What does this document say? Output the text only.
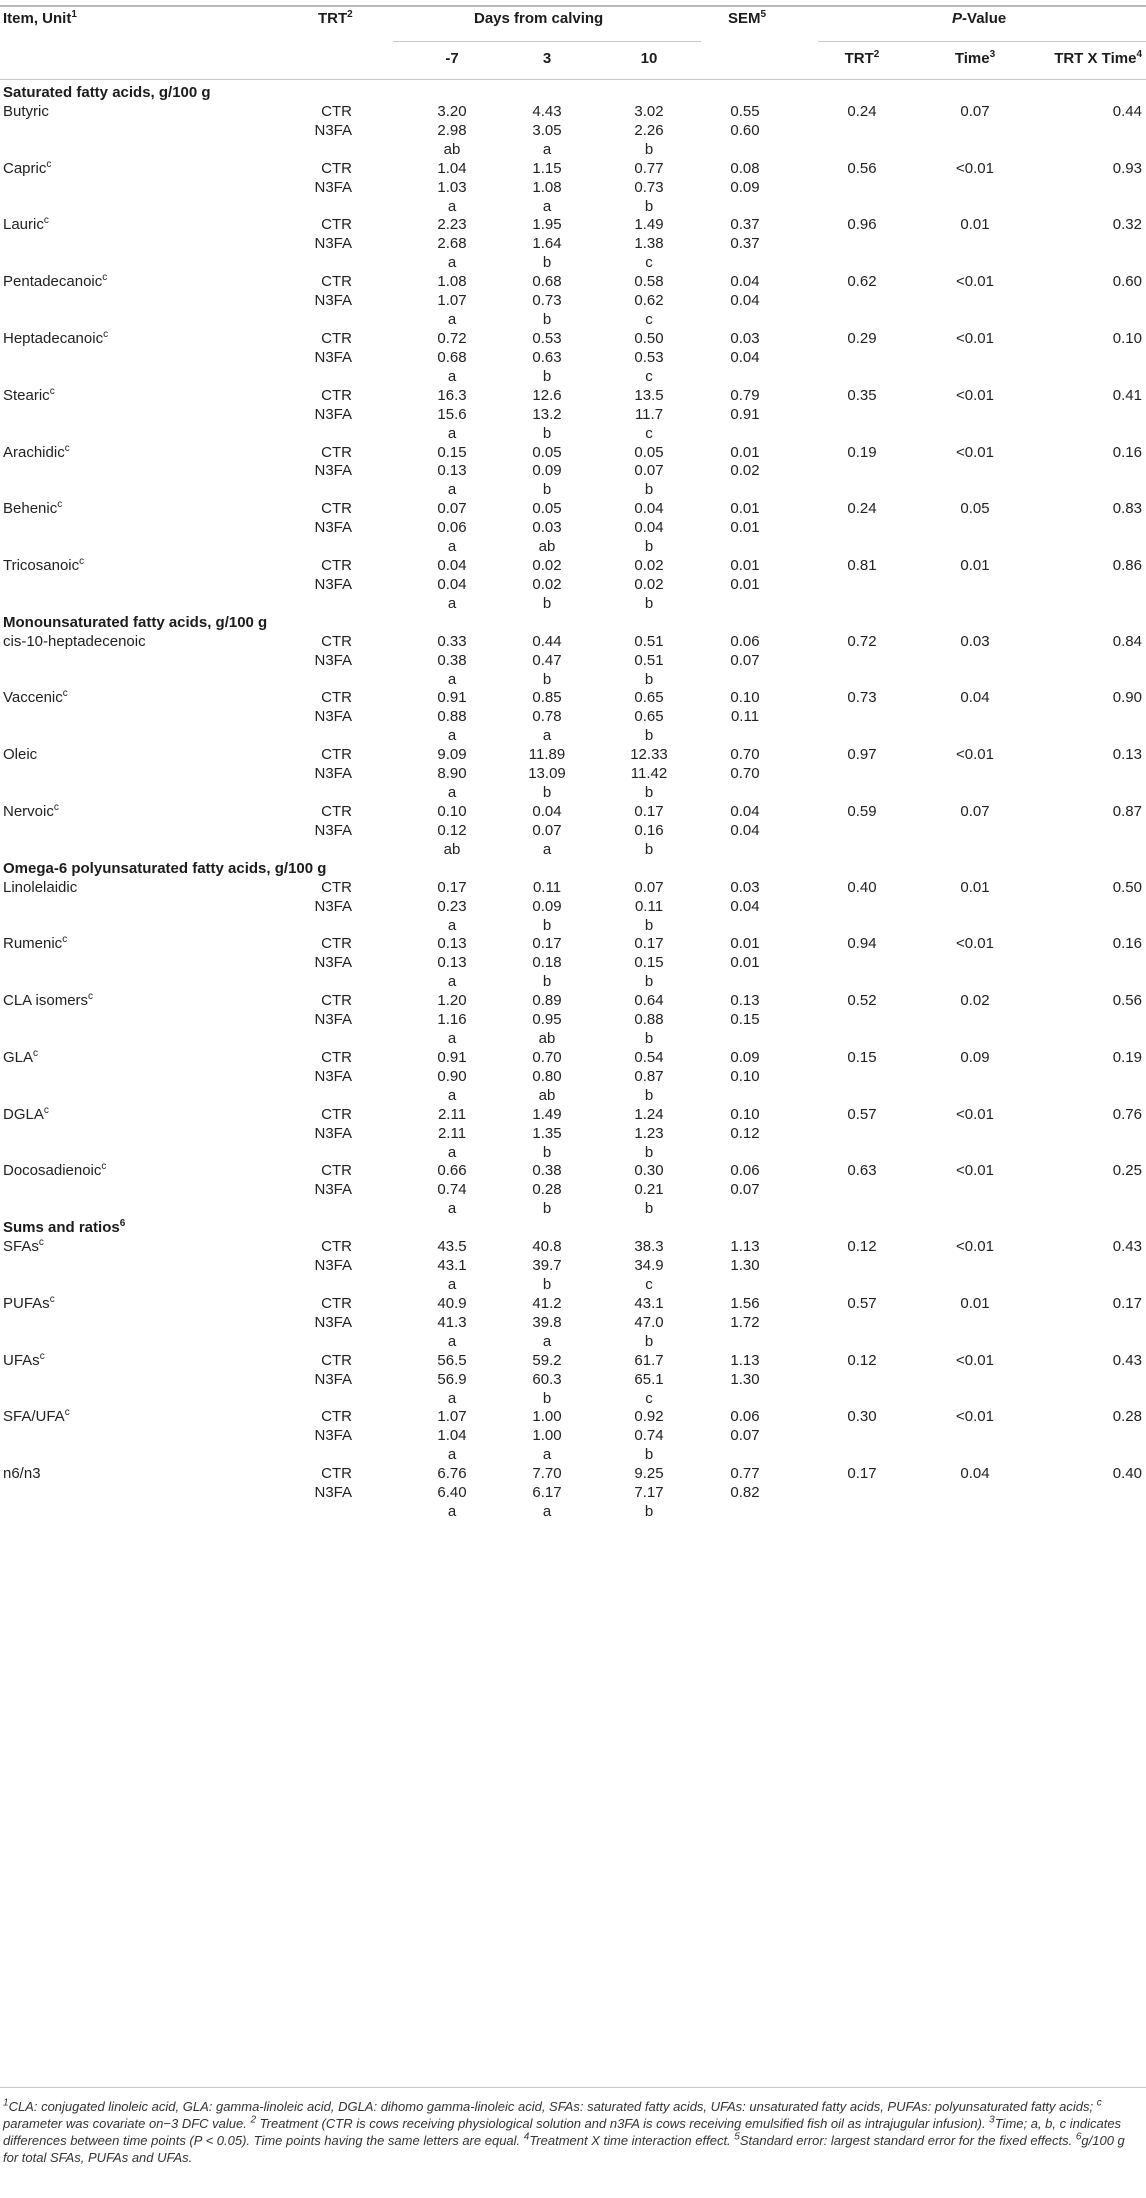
Item, Unit$^1$	TRT$^2$	Days from calving	SEM$^5$	P-Value
-7	3	10	TRT$^2$	Time$^3$	TRT X Time$^4$
Saturated fatty acids, g/100 g
Butyric	CTR	3.20	4.43	3.02	0.55	0.24	0.07	0.44
N3FA	2.98	3.05	2.26	0.60
ab	a	b
Capric$^c$	CTR	1.04	1.15	0.77	0.08	0.56	<0.01	0.93
N3FA	1.03	1.08	0.73	0.09
a	a	b
Lauric$^c$	CTR	2.23	1.95	1.49	0.37	0.96	0.01	0.32
N3FA	2.68	1.64	1.38	0.37
a	b	c
Pentadecanoic$^c$	CTR	1.08	0.68	0.58	0.04	0.62	<0.01	0.60
N3FA	1.07	0.73	0.62	0.04
a	b	c
Heptadecanoic$^c$	CTR	0.72	0.53	0.50	0.03	0.29	<0.01	0.10
N3FA	0.68	0.63	0.53	0.04
a	b	c
Stearic$^c$	CTR	16.3	12.6	13.5	0.79	0.35	<0.01	0.41
N3FA	15.6	13.2	11.7	0.91
a	b	c
Arachidic$^c$	CTR	0.15	0.05	0.05	0.01	0.19	<0.01	0.16
N3FA	0.13	0.09	0.07	0.02
a	b	b
Behenic$^c$	CTR	0.07	0.05	0.04	0.01	0.24	0.05	0.83
N3FA	0.06	0.03	0.04	0.01
a	ab	b
Tricosanoic$^c$	CTR	0.04	0.02	0.02	0.01	0.81	0.01	0.86
N3FA	0.04	0.02	0.02	0.01
a	b	b
Monounsaturated fatty acids, g/100 g
cis-10-heptadecenoic	CTR	0.33	0.44	0.51	0.06	0.72	0.03	0.84
N3FA	0.38	0.47	0.51	0.07
a	b	b
Vaccenic$^c$	CTR	0.91	0.85	0.65	0.10	0.73	0.04	0.90
N3FA	0.88	0.78	0.65	0.11
a	a	b
Oleic	CTR	9.09	11.89	12.33	0.70	0.97	<0.01	0.13
N3FA	8.90	13.09	11.42	0.70
a	b	b
Nervoic$^c$	CTR	0.10	0.04	0.17	0.04	0.59	0.07	0.87
N3FA	0.12	0.07	0.16	0.04
ab	a	b
Omega-6 polyunsaturated fatty acids, g/100 g
Linolelaidic	CTR	0.17	0.11	0.07	0.03	0.40	0.01	0.50
N3FA	0.23	0.09	0.11	0.04
a	b	b
Rumenic$^c$	CTR	0.13	0.17	0.17	0.01	0.94	<0.01	0.16
N3FA	0.13	0.18	0.15	0.01
a	b	b
CLA isomers$^c$	CTR	1.20	0.89	0.64	0.13	0.52	0.02	0.56
N3FA	1.16	0.95	0.88	0.15
a	ab	b
GLA$^c$	CTR	0.91	0.70	0.54	0.09	0.15	0.09	0.19
N3FA	0.90	0.80	0.87	0.10
a	ab	b
DGLA$^c$	CTR	2.11	1.49	1.24	0.10	0.57	<0.01	0.76
N3FA	2.11	1.35	1.23	0.12
a	b	b
Docosadienoic$^c$	CTR	0.66	0.38	0.30	0.06	0.63	<0.01	0.25
N3FA	0.74	0.28	0.21	0.07
a	b	b
Sums and ratios$^6$
SFAs$^c$	CTR	43.5	40.8	38.3	1.13	0.12	<0.01	0.43
N3FA	43.1	39.7	34.9	1.30
a	b	c
PUFAs$^c$	CTR	40.9	41.2	43.1	1.56	0.57	0.01	0.17
N3FA	41.3	39.8	47.0	1.72
a	a	b
UFAs$^c$	CTR	56.5	59.2	61.7	1.13	0.12	<0.01	0.43
N3FA	56.9	60.3	65.1	1.30
a	b	c
SFA/UFA$^c$	CTR	1.07	1.00	0.92	0.06	0.30	<0.01	0.28
N3FA	1.04	1.00	0.74	0.07
a	a	b
n6/n3	CTR	6.76	7.70	9.25	0.77	0.17	0.04	0.40
N3FA	6.40	6.17	7.17	0.82
a	a	b
$^1$CLA: conjugated linoleic acid, GLA: gamma-linoleic acid, DGLA: dihomo gamma-linoleic acid, SFAs: saturated fatty acids, UFAs: unsaturated fatty acids, PUFAs: polyunsaturated fatty acids; $^c$ parameter was covariate on−3 DFC value. $^2$ Treatment (CTR is cows receiving physiological solution and n3FA is cows receiving emulsified fish oil as intrajugular infusion). $^3$Time; a, b, c indicates differences between time points (P < 0.05). Time points having the same letters are equal. $^4$Treatment X time interaction effect. $^5$Standard error: largest standard error for the fixed effects. $^6$g/100 g for total SFAs, PUFAs and UFAs.
